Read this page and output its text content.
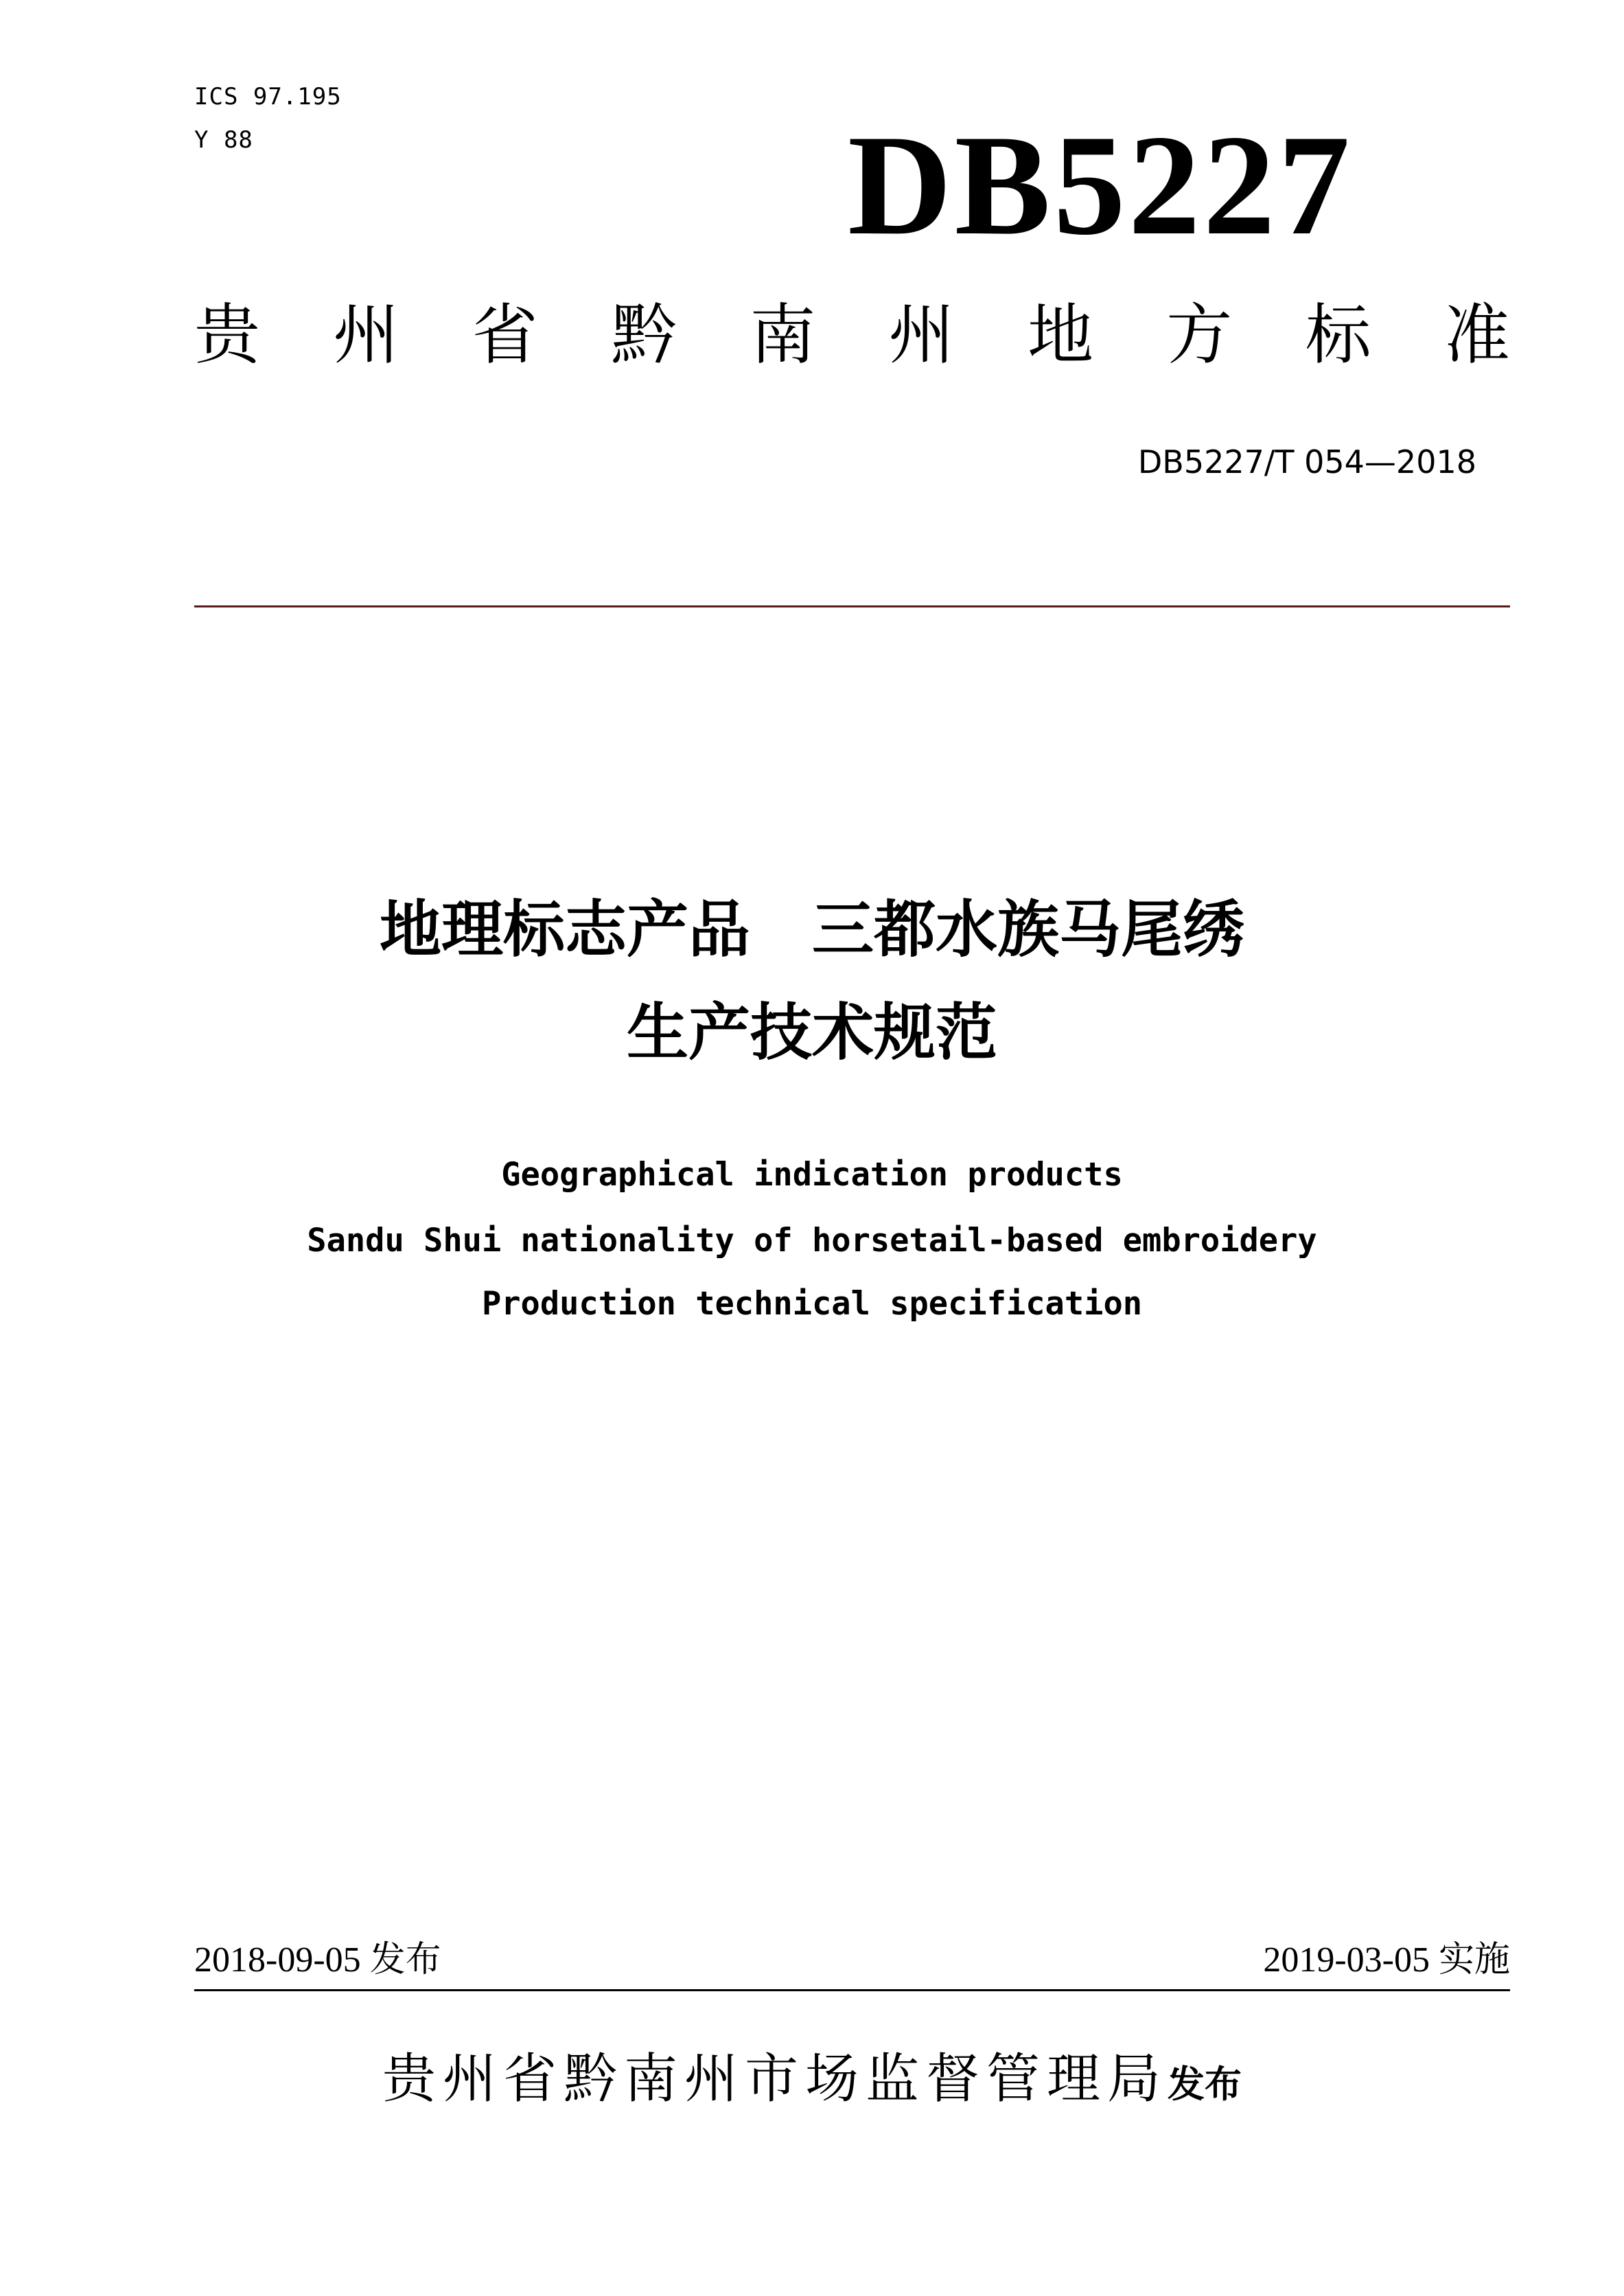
ICS 97.195
Y 88	DB5227
贵 州 省 黔 南 州 地 方 标 准
DB5227/T 054—2018
地理标志产品　三都水族马尾绣
生产技术规范
Geographical indication products
Sandu Shui nationality of horsetail-based embroidery
Production technical specification
2018-09-05 发布	2019-03-05 实施
贵州省黔南州市场监督管理局发布
